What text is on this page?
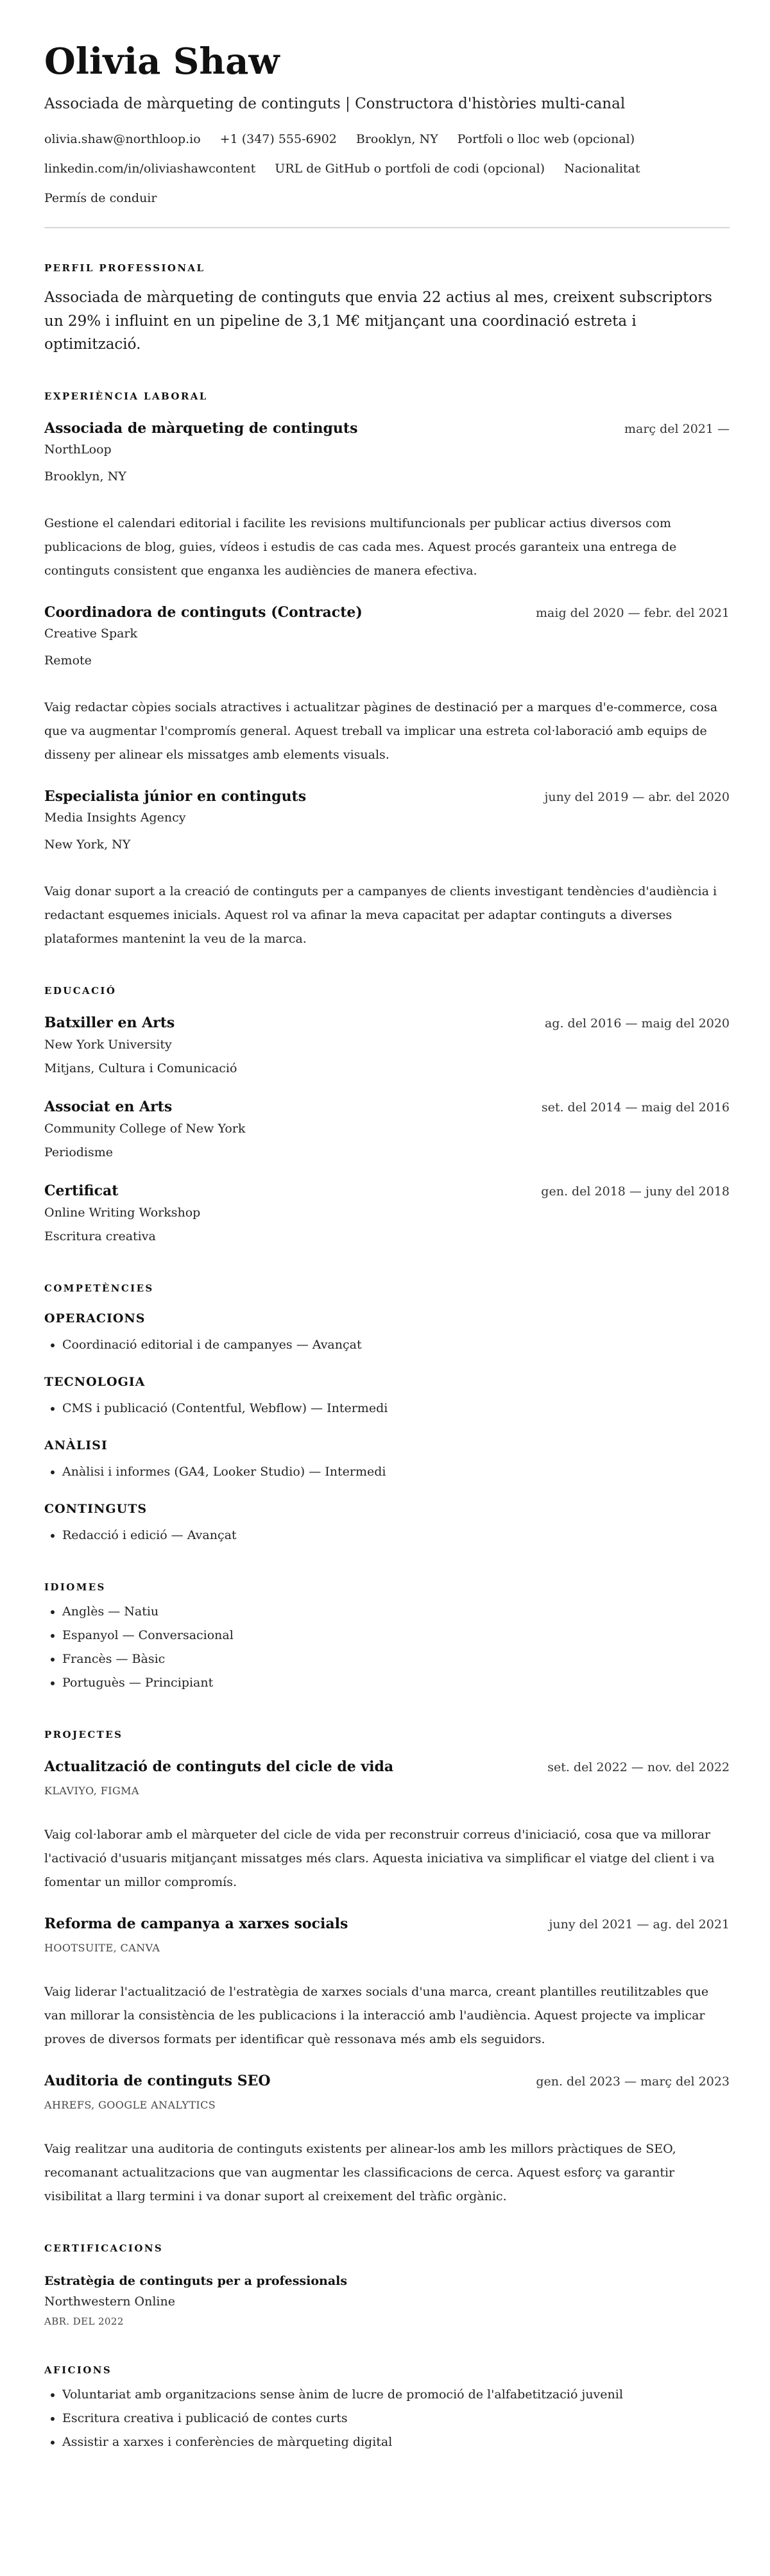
Olivia Shaw
Associada de màrqueting de continguts | Constructora d'històries multi-canal
olivia.shaw@northloop.io +1 (347) 555-6902 Brooklyn, NY Portfoli o lloc web (opcional)
linkedin.com/in/oliviashawcontent URL de GitHub o portfoli de codi (opcional) Nacionalitat
Permís de conduir
PERFIL PROFESSIONAL
Associada de màrqueting de continguts que envia 22 actius al mes, creixent subscriptors un 29% i influint en un pipeline de 3,1 M€ mitjançant una coordinació estreta i optimització.
EXPERIÈNCIA LABORAL
Associada de màrqueting de continguts	març del 2021 —
NorthLoop
Brooklyn, NY
Gestione el calendari editorial i facilite les revisions multifuncionals per publicar actius diversos com publicacions de blog, guies, vídeos i estudis de cas cada mes. Aquest procés garanteix una entrega de continguts consistent que enganxa les audiències de manera efectiva.
Coordinadora de continguts (Contracte)	maig del 2020 — febr. del 2021
Creative Spark
Remote
Vaig redactar còpies socials atractives i actualitzar pàgines de destinació per a marques d'e-commerce, cosa que va augmentar l'compromís general. Aquest treball va implicar una estreta col·laboració amb equips de disseny per alinear els missatges amb elements visuals.
Especialista júnior en continguts	juny del 2019 — abr. del 2020
Media Insights Agency
New York, NY
Vaig donar suport a la creació de continguts per a campanyes de clients investigant tendències d'audiència i redactant esquemes inicials. Aquest rol va afinar la meva capacitat per adaptar continguts a diverses plataformes mantenint la veu de la marca.
EDUCACIÓ
Batxiller en Arts	ag. del 2016 — maig del 2020
New York University
Mitjans, Cultura i Comunicació
Associat en Arts	set. del 2014 — maig del 2016
Community College of New York
Periodisme
Certificat	gen. del 2018 — juny del 2018
Online Writing Workshop
Escritura creativa
COMPETÈNCIES
OPERACIONS
• Coordinació editorial i de campanyes — Avançat
TECNOLOGIA
• CMS i publicació (Contentful, Webflow) — Intermedi
ANÀLISI
• Anàlisi i informes (GA4, Looker Studio) — Intermedi
CONTINGUTS
• Redacció i edició — Avançat
IDIOMES
• Anglès — Natiu
• Espanyol — Conversacional
• Francès — Bàsic
• Portuguès — Principiant
PROJECTES
Actualització de continguts del cicle de vida	set. del 2022 — nov. del 2022
KLAVIYO, FIGMA
Vaig col·laborar amb el màrqueter del cicle de vida per reconstruir correus d'iniciació, cosa que va millorar l'activació d'usuaris mitjançant missatges més clars. Aquesta iniciativa va simplificar el viatge del client i va fomentar un millor compromís.
Reforma de campanya a xarxes socials	juny del 2021 — ag. del 2021
HOOTSUITE, CANVA
Vaig liderar l'actualització de l'estratègia de xarxes socials d'una marca, creant plantilles reutilitzables que van millorar la consistència de les publicacions i la interacció amb l'audiència. Aquest projecte va implicar proves de diversos formats per identificar què ressonava més amb els seguidors.
Auditoria de continguts SEO	gen. del 2023 — març del 2023
AHREFS, GOOGLE ANALYTICS
Vaig realitzar una auditoria de continguts existents per alinear-los amb les millors pràctiques de SEO, recomanant actualitzacions que van augmentar les classificacions de cerca. Aquest esforç va garantir visibilitat a llarg termini i va donar suport al creixement del tràfic orgànic.
CERTIFICACIONS
Estratègia de continguts per a professionals
Northwestern Online
ABR. DEL 2022
AFICIONS
• Voluntariat amb organitzacions sense ànim de lucre de promoció de l'alfabetització juvenil
• Escritura creativa i publicació de contes curts
• Assistir a xarxes i conferències de màrqueting digital
